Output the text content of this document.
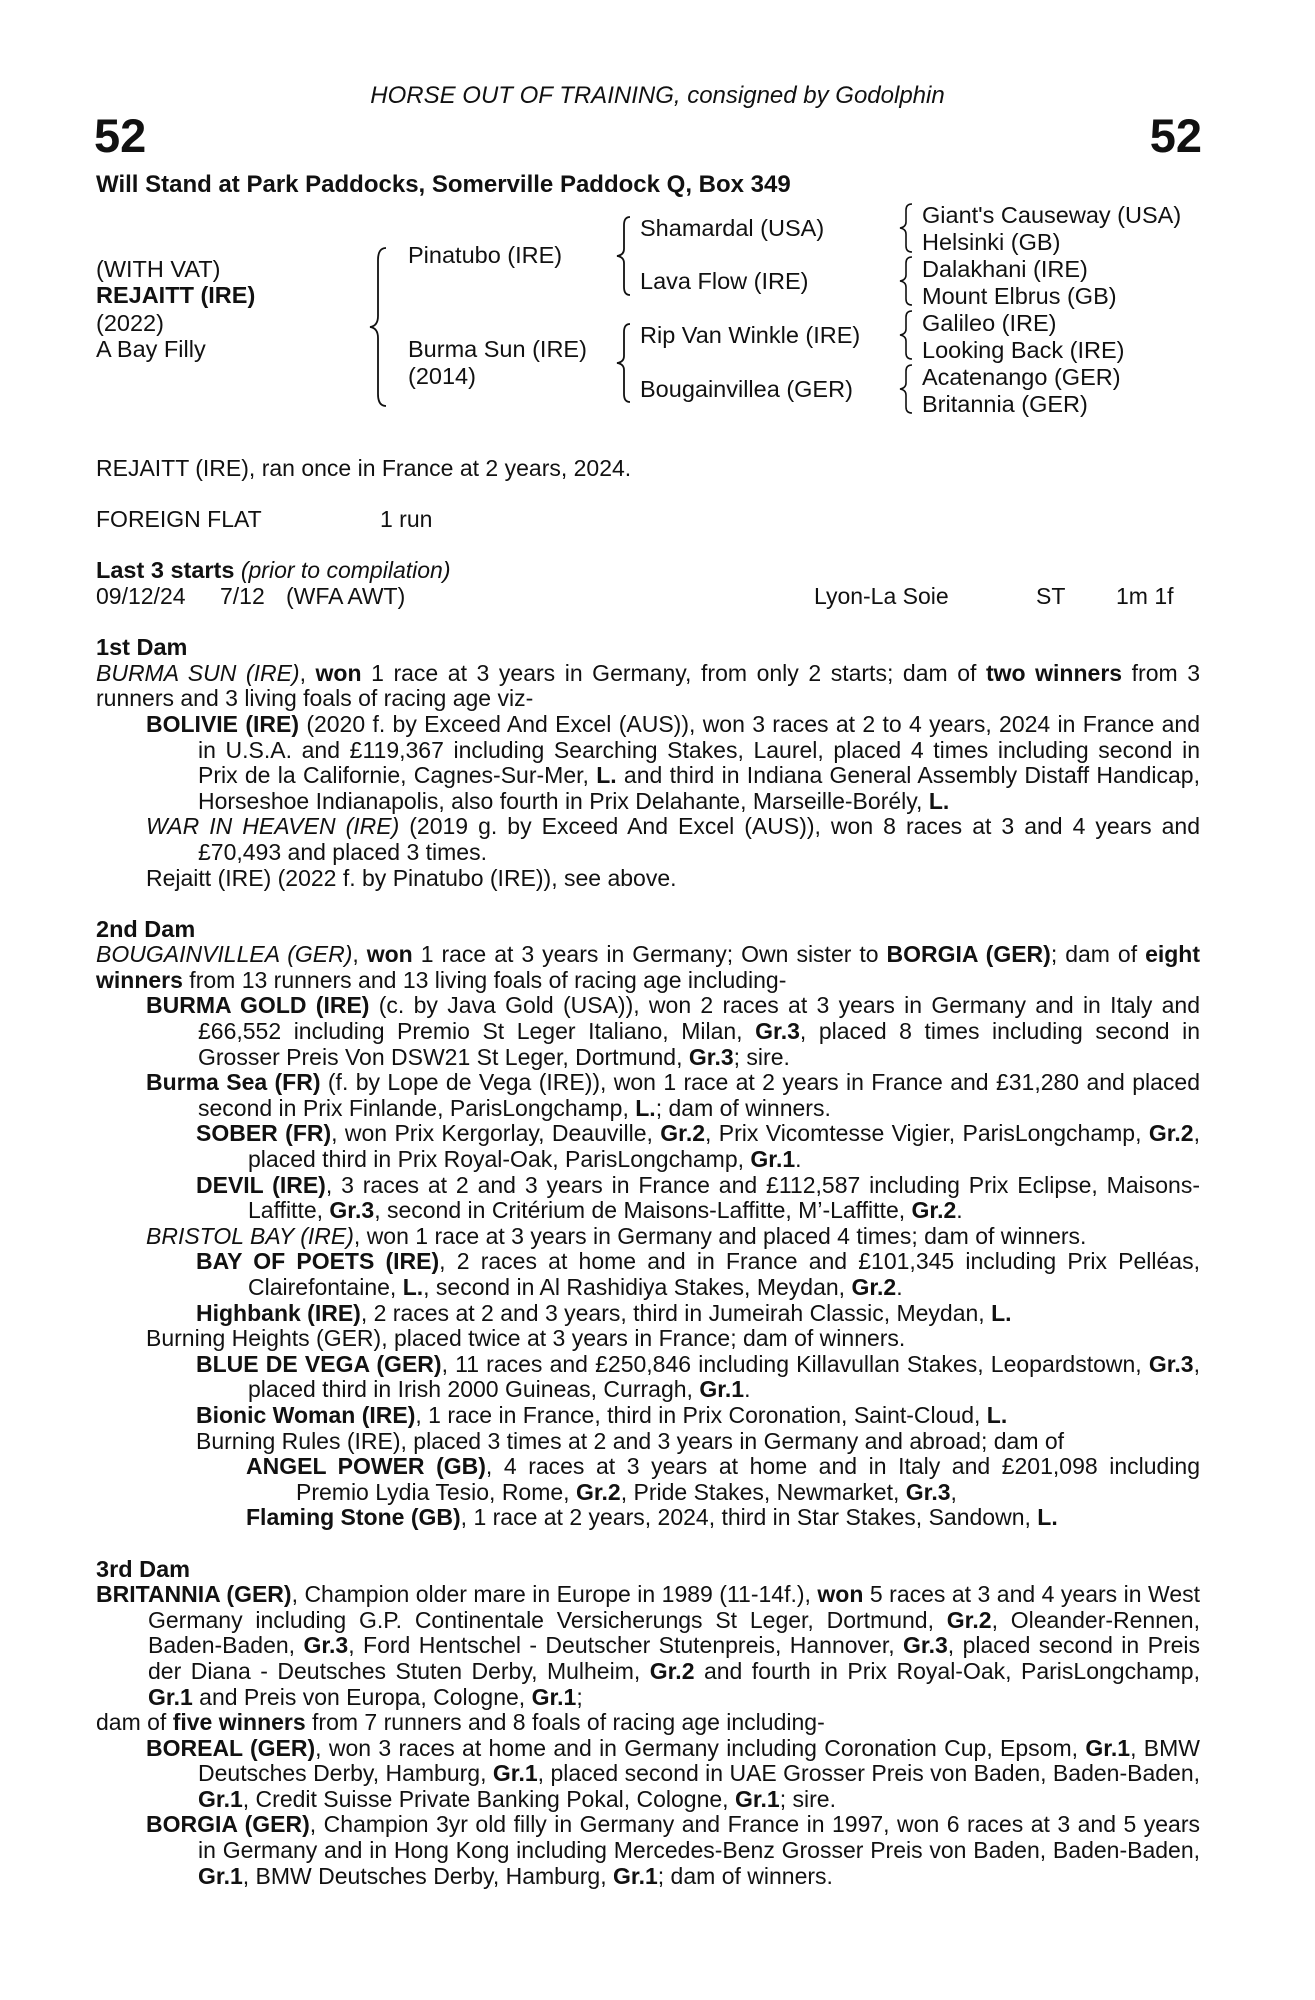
HORSE OUT OF TRAINING, consigned by Godolphin
52	52
Will Stand at Park Paddocks, Somerville Paddock Q, Box 349
(WITH VAT)
REJAITT (IRE)
(2022)
A Bay Filly
Pinatubo (IRE)
Burma Sun (IRE)
(2014)
Shamardal (USA)
Lava Flow (IRE)
Rip Van Winkle (IRE)
Bougainvillea (GER)
Giant's Causeway (USA)
Helsinki (GB)
Dalakhani (IRE)
Mount Elbrus (GB)
Galileo (IRE)
Looking Back (IRE)
Acatenango (GER)
Britannia (GER)

REJAITT (IRE), ran once in France at 2 years, 2024.

FOREIGN FLAT	1 run

Last 3 starts (prior to compilation)

09/12/24 7/12 (WFA AWT)	Lyon-La Soie	ST 1m 1f

1st Dam

BURMA SUN (IRE), won 1 race at 3 years in Germany, from only 2 starts; dam of two winners from 3 runners and 3 living foals of racing age viz-

BOLIVIE (IRE) (2020 f. by Exceed And Excel (AUS)), won 3 races at 2 to 4 years, 2024 in France and in U.S.A. and £119,367 including Searching Stakes, Laurel, placed 4 times including second in Prix de la Californie, Cagnes-Sur-Mer, L. and third in Indiana General Assembly Distaff Handicap, Horseshoe Indianapolis, also fourth in Prix Delahante, Marseille-Borély, L.

WAR IN HEAVEN (IRE) (2019 g. by Exceed And Excel (AUS)), won 8 races at 3 and 4 years and £70,493 and placed 3 times.

Rejaitt (IRE) (2022 f. by Pinatubo (IRE)), see above.

2nd Dam

BOUGAINVILLEA (GER), won 1 race at 3 years in Germany; Own sister to BORGIA (GER); dam of eight winners from 13 runners and 13 living foals of racing age including-

BURMA GOLD (IRE) (c. by Java Gold (USA)), won 2 races at 3 years in Germany and in Italy and £66,552 including Premio St Leger Italiano, Milan, Gr.3, placed 8 times including second in Grosser Preis Von DSW21 St Leger, Dortmund, Gr.3; sire.

Burma Sea (FR) (f. by Lope de Vega (IRE)), won 1 race at 2 years in France and £31,280 and placed second in Prix Finlande, ParisLongchamp, L.; dam of winners.

SOBER (FR), won Prix Kergorlay, Deauville, Gr.2, Prix Vicomtesse Vigier, ParisLongchamp, Gr.2, placed third in Prix Royal-Oak, ParisLongchamp, Gr.1.

DEVIL (IRE), 3 races at 2 and 3 years in France and £112,587 including Prix Eclipse, Maisons-Laffitte, Gr.3, second in Critérium de Maisons-Laffitte, M’-Laffitte, Gr.2.

BRISTOL BAY (IRE), won 1 race at 3 years in Germany and placed 4 times; dam of winners.

BAY OF POETS (IRE), 2 races at home and in France and £101,345 including Prix Pelléas, Clairefontaine, L., second in Al Rashidiya Stakes, Meydan, Gr.2.

Highbank (IRE), 2 races at 2 and 3 years, third in Jumeirah Classic, Meydan, L.

Burning Heights (GER), placed twice at 3 years in France; dam of winners.

BLUE DE VEGA (GER), 11 races and £250,846 including Killavullan Stakes, Leopardstown, Gr.3, placed third in Irish 2000 Guineas, Curragh, Gr.1.

Bionic Woman (IRE), 1 race in France, third in Prix Coronation, Saint-Cloud, L.

Burning Rules (IRE), placed 3 times at 2 and 3 years in Germany and abroad; dam of

ANGEL POWER (GB), 4 races at 3 years at home and in Italy and £201,098 including Premio Lydia Tesio, Rome, Gr.2, Pride Stakes, Newmarket, Gr.3,

Flaming Stone (GB), 1 race at 2 years, 2024, third in Star Stakes, Sandown, L.

3rd Dam

BRITANNIA (GER), Champion older mare in Europe in 1989 (11-14f.), won 5 races at 3 and 4 years in West Germany including G.P. Continentale Versicherungs St Leger, Dortmund, Gr.2, Oleander-Rennen, Baden-Baden, Gr.3, Ford Hentschel - Deutscher Stutenpreis, Hannover, Gr.3, placed second in Preis der Diana - Deutsches Stuten Derby, Mulheim, Gr.2 and fourth in Prix Royal-Oak, ParisLongchamp, Gr.1 and Preis von Europa, Cologne, Gr.1;

dam of five winners from 7 runners and 8 foals of racing age including-

BOREAL (GER), won 3 races at home and in Germany including Coronation Cup, Epsom, Gr.1, BMW Deutsches Derby, Hamburg, Gr.1, placed second in UAE Grosser Preis von Baden, Baden-Baden, Gr.1, Credit Suisse Private Banking Pokal, Cologne, Gr.1; sire.

BORGIA (GER), Champion 3yr old filly in Germany and France in 1997, won 6 races at 3 and 5 years in Germany and in Hong Kong including Mercedes-Benz Grosser Preis von Baden, Baden-Baden, Gr.1, BMW Deutsches Derby, Hamburg, Gr.1; dam of winners.
